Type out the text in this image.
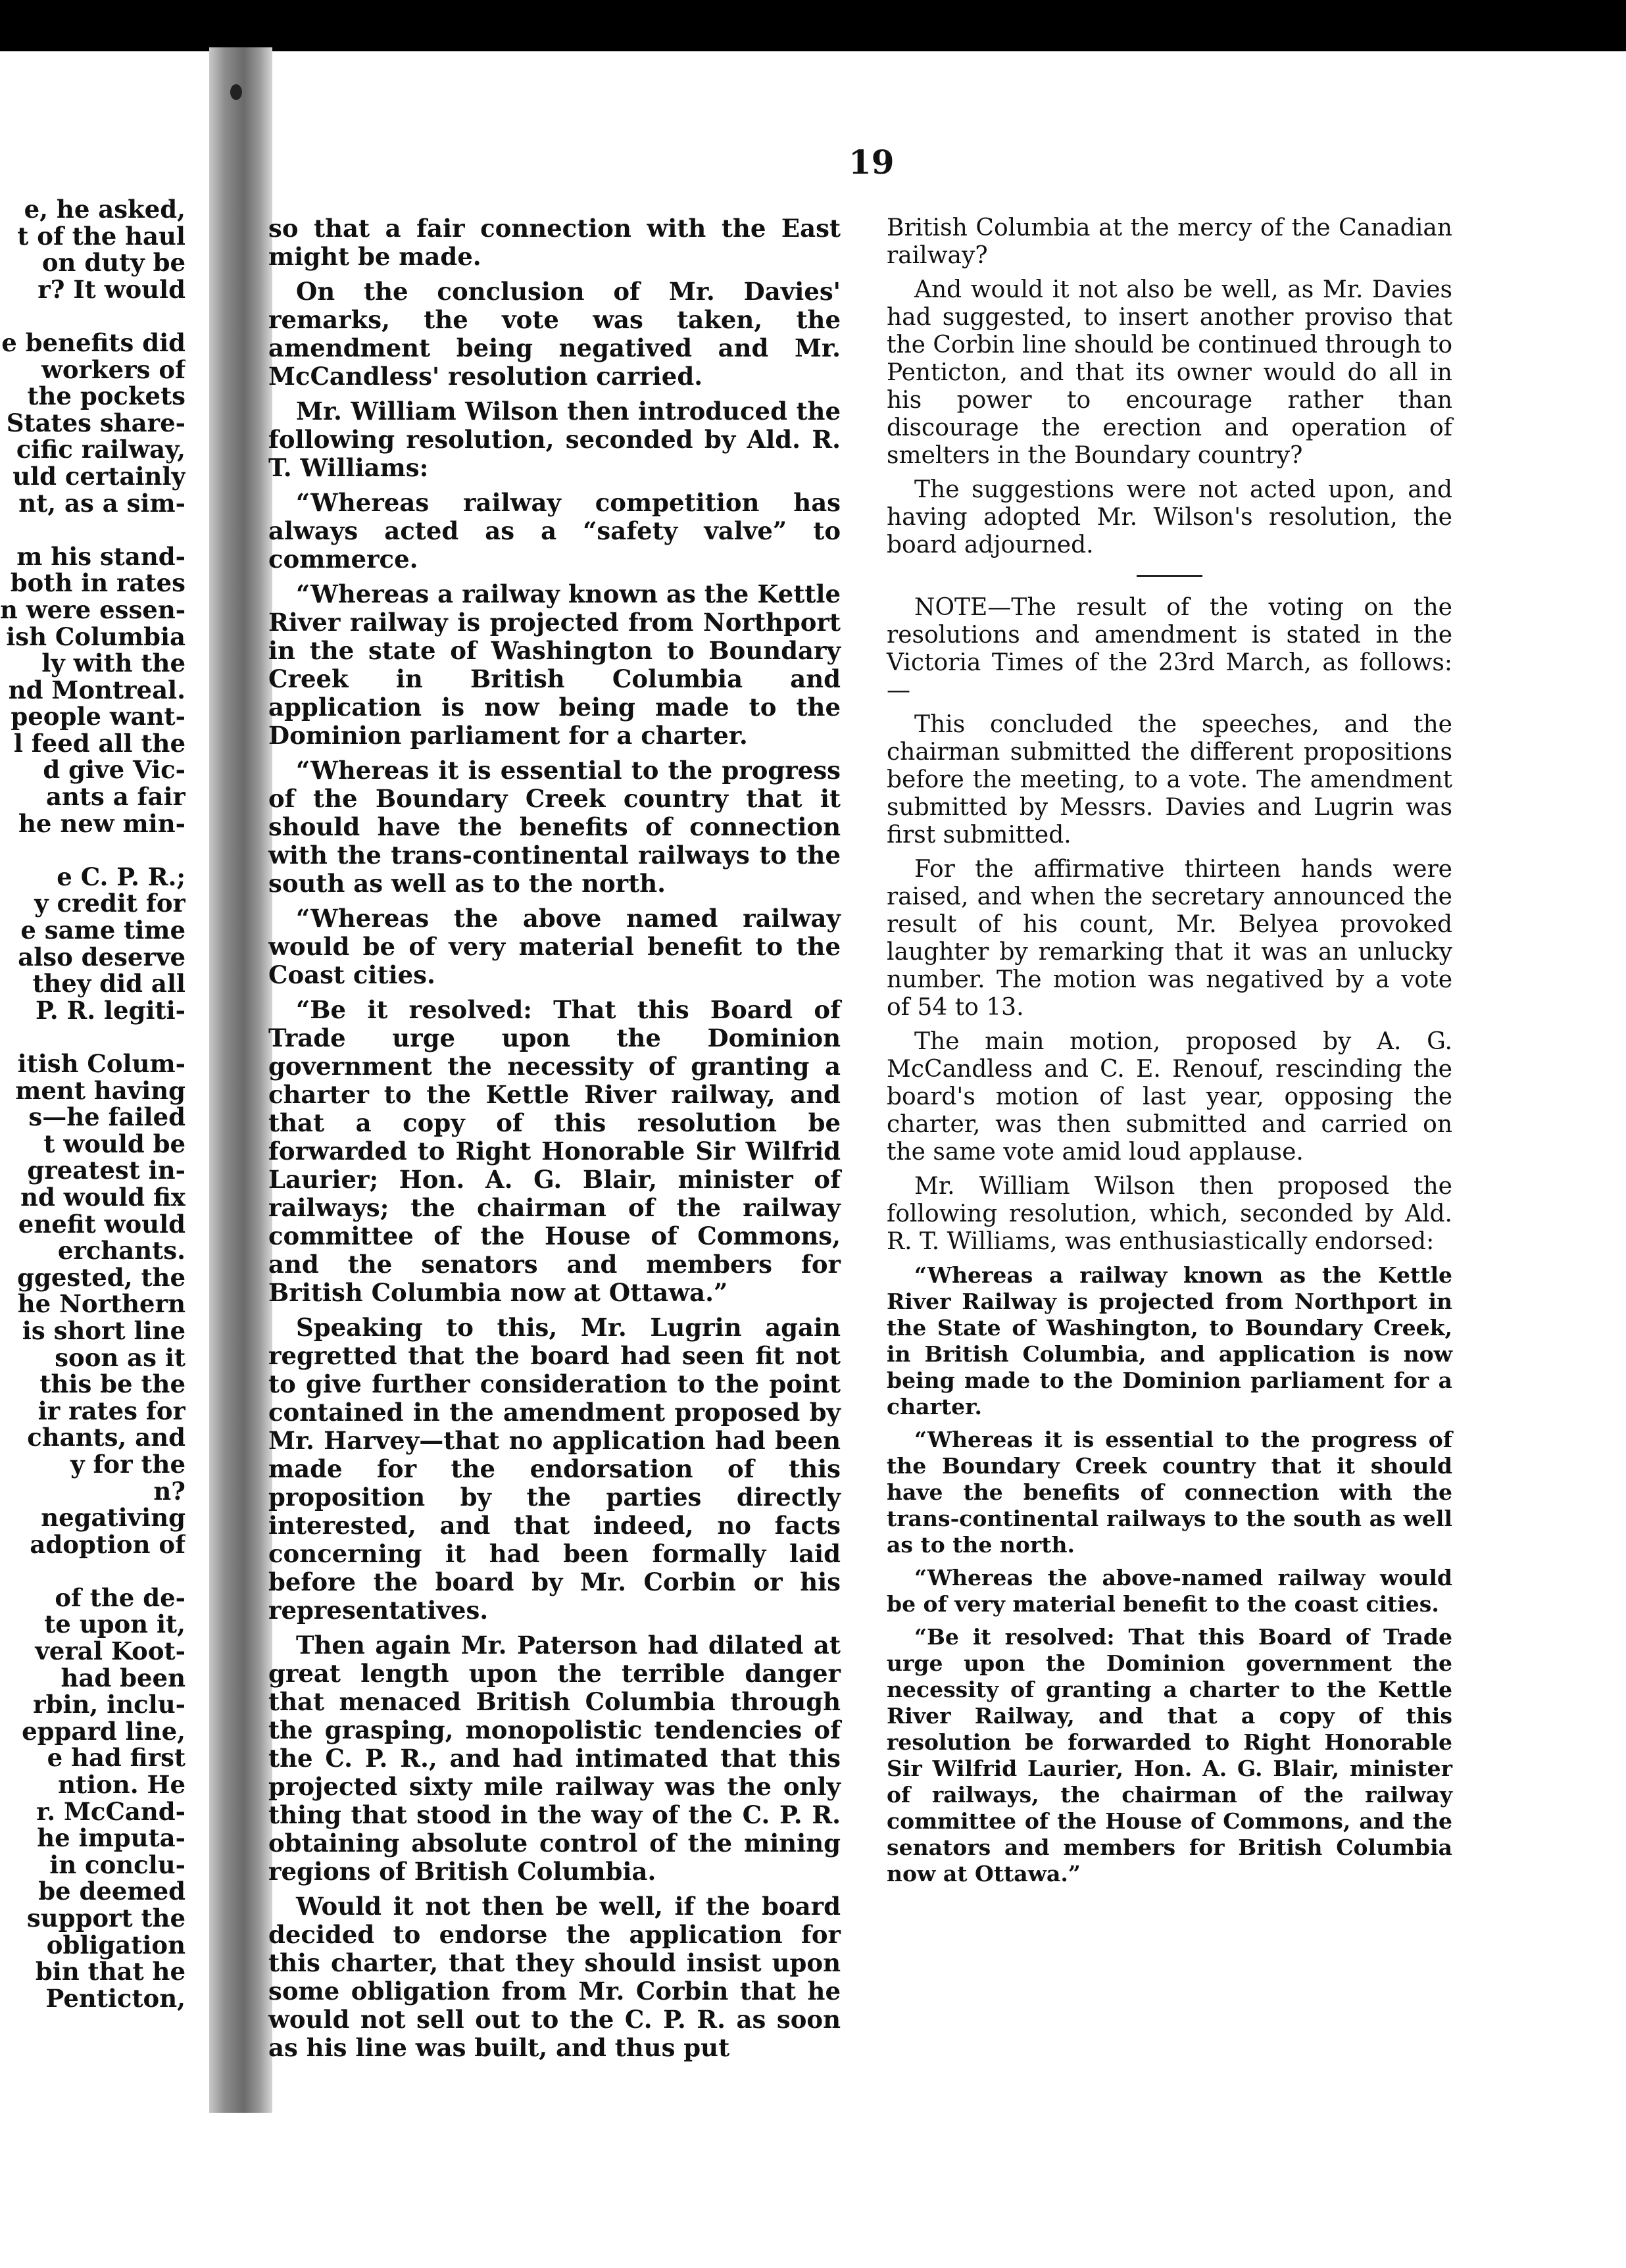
19
e, he asked,
t of the haul
on duty be
r? It would
e benefits did
workers of
the pockets
States share-
cific railway,
uld certainly
nt, as a sim-
m his stand-
both in rates
n were essen-
ish Columbia
ly with the
nd Montreal.
people want-
l feed all the
d give Vic-
ants a fair
he new min-
e C. P. R.;
y credit for
e same time
also deserve
they did all
P. R. legiti-
itish Colum-
ment having
s—he failed
t would be
greatest in-
nd would fix
enefit would
erchants.
ggested, the
he Northern
is short line
soon as it
this be the
ir rates for
chants, and
y for the
n?
negativing
adoption of
of the de-
te upon it,
veral Koot-
had been
rbin, inclu-
eppard line,
e had first
ntion. He
r. McCand-
he imputa-
in conclu-
be deemed
support the
obligation
bin that he
Penticton,

so that a fair connection with the East might be made.

On the conclusion of Mr. Davies' remarks, the vote was taken, the amendment being negatived and Mr. McCandless' resolution carried.

Mr. William Wilson then introduced the following resolution, seconded by Ald. R. T. Williams:

“Whereas railway competition has always acted as a “safety valve” to commerce.

“Whereas a railway known as the Kettle River railway is projected from Northport in the state of Washington to Boundary Creek in British Columbia and application is now being made to the Dominion parliament for a charter.

“Whereas it is essential to the progress of the Boundary Creek country that it should have the benefits of connection with the trans-continental railways to the south as well as to the north.

“Whereas the above named railway would be of very material benefit to the Coast cities.

“Be it resolved: That this Board of Trade urge upon the Dominion government the necessity of granting a charter to the Kettle River railway, and that a copy of this resolution be forwarded to Right Honorable Sir Wilfrid Laurier; Hon. A. G. Blair, minister of railways; the chairman of the railway committee of the House of Commons, and the senators and members for British Columbia now at Ottawa.”

Speaking to this, Mr. Lugrin again regretted that the board had seen fit not to give further consideration to the point contained in the amendment proposed by Mr. Harvey—that no application had been made for the endorsation of this proposition by the parties directly interested, and that indeed, no facts concerning it had been formally laid before the board by Mr. Corbin or his representatives.

Then again Mr. Paterson had dilated at great length upon the terrible danger that menaced British Columbia through the grasping, monopolistic tendencies of the C. P. R., and had intimated that this projected sixty mile railway was the only thing that stood in the way of the C. P. R. obtaining absolute control of the mining regions of British Columbia.

Would it not then be well, if the board decided to endorse the application for this charter, that they should insist upon some obligation from Mr. Corbin that he would not sell out to the C. P. R. as soon as his line was built, and thus put

British Columbia at the mercy of the Canadian railway?

And would it not also be well, as Mr. Davies had suggested, to insert another proviso that the Corbin line should be continued through to Penticton, and that its owner would do all in his power to encourage rather than discourage the erection and operation of smelters in the Boundary country?

The suggestions were not acted upon, and having adopted Mr. Wilson's resolution, the board adjourned.

NOTE—The result of the voting on the resolutions and amendment is stated in the Victoria Times of the 23rd March, as follows:—

This concluded the speeches, and the chairman submitted the different propositions before the meeting, to a vote. The amendment submitted by Messrs. Davies and Lugrin was first submitted.

For the affirmative thirteen hands were raised, and when the secretary announced the result of his count, Mr. Belyea provoked laughter by remarking that it was an unlucky number. The motion was negatived by a vote of 54 to 13.

The main motion, proposed by A. G. McCandless and C. E. Renouf, rescinding the board's motion of last year, opposing the charter, was then submitted and carried on the same vote amid loud applause.

Mr. William Wilson then proposed the following resolution, which, seconded by Ald. R. T. Williams, was enthusiastically endorsed:

“Whereas a railway known as the Kettle River Railway is projected from Northport in the State of Washington, to Boundary Creek, in British Columbia, and application is now being made to the Dominion parliament for a charter.

“Whereas it is essential to the progress of the Boundary Creek country that it should have the benefits of connection with the trans-continental railways to the south as well as to the north.

“Whereas the above-named railway would be of very material benefit to the coast cities.

“Be it resolved: That this Board of Trade urge upon the Dominion government the necessity of granting a charter to the Kettle River Railway, and that a copy of this resolution be forwarded to Right Honorable Sir Wilfrid Laurier, Hon. A. G. Blair, minister of railways, the chairman of the railway committee of the House of Commons, and the senators and members for British Columbia now at Ottawa.”
